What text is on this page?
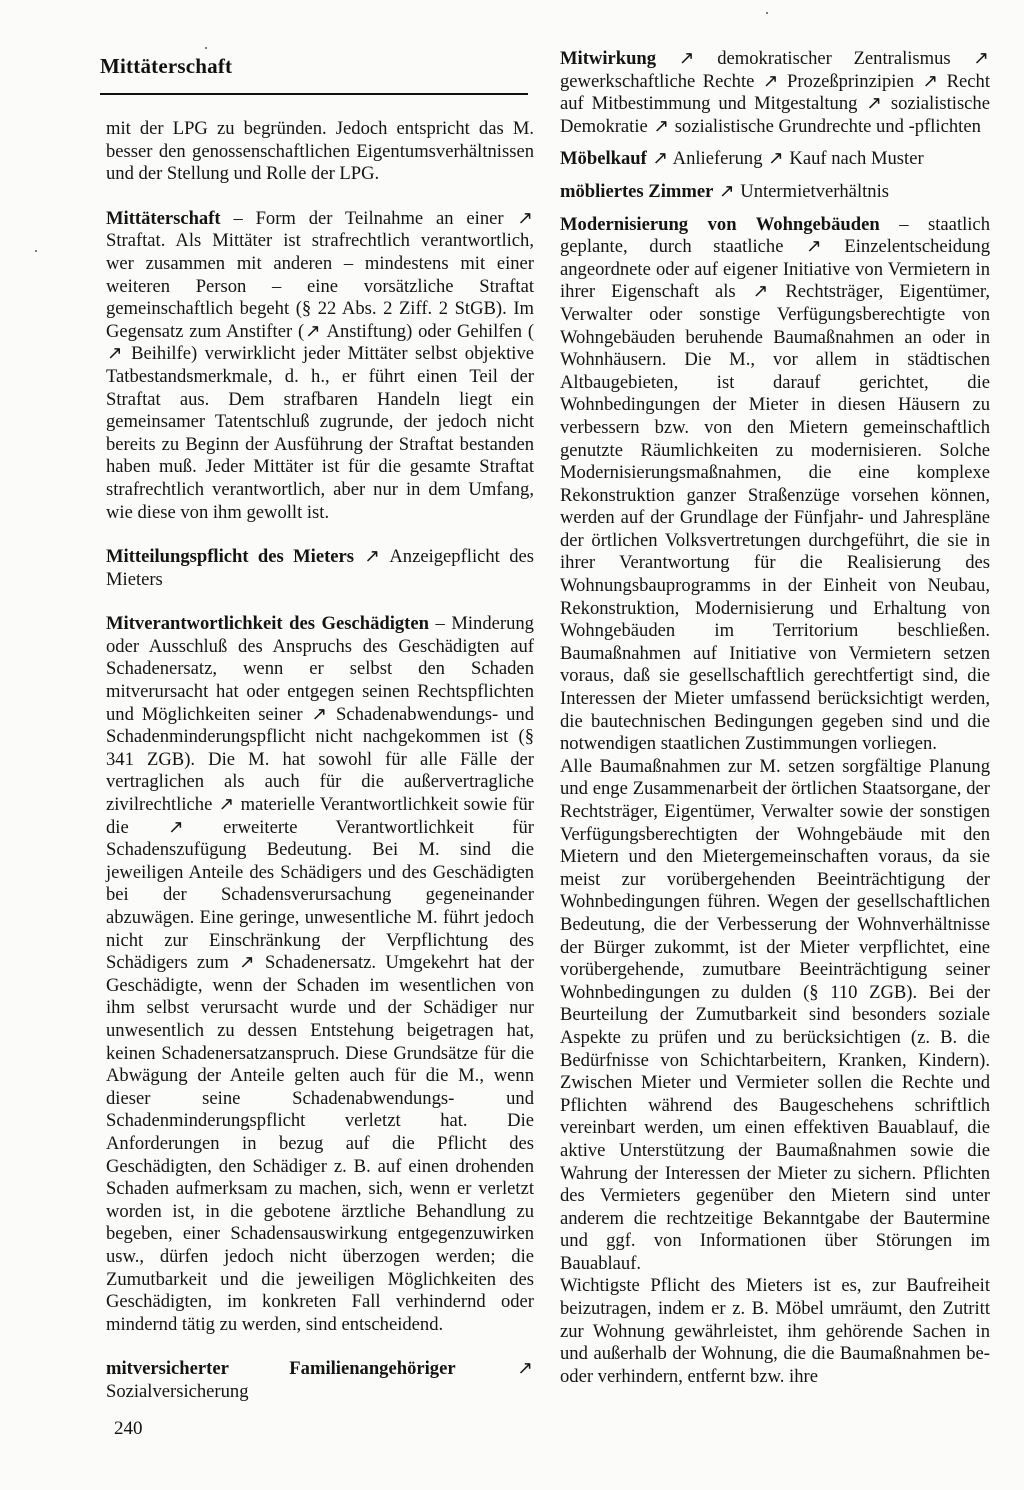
Mittäterschaft

mit der LPG zu begründen. Jedoch entspricht das M. besser den genossenschaftlichen Eigentumsverhältnissen und der Stellung und Rolle der LPG.

Mittäterschaft – Form der Teilnahme an einer ↗ Straftat. Als Mittäter ist strafrechtlich verantwortlich, wer zusammen mit anderen – mindestens mit einer weiteren Person – eine vorsätzliche Straftat gemeinschaftlich begeht (§ 22 Abs. 2 Ziff. 2 StGB). Im Gegensatz zum Anstifter (↗ Anstiftung) oder Gehilfen (↗ Beihilfe) verwirklicht jeder Mittäter selbst objektive Tatbestandsmerkmale, d. h., er führt einen Teil der Straftat aus. Dem strafbaren Handeln liegt ein gemeinsamer Tatentschluß zugrunde, der jedoch nicht bereits zu Beginn der Ausführung der Straftat bestanden haben muß. Jeder Mittäter ist für die gesamte Straftat strafrechtlich verantwortlich, aber nur in dem Umfang, wie diese von ihm gewollt ist.

Mitteilungspflicht des Mieters ↗ Anzeigepflicht des Mieters

Mitverantwortlichkeit des Geschädigten – Minderung oder Ausschluß des Anspruchs des Geschädigten auf Schadenersatz, wenn er selbst den Schaden mitverursacht hat oder entgegen seinen Rechtspflichten und Möglichkeiten seiner ↗ Schadenabwendungs- und Schadenminderungspflicht nicht nachgekommen ist (§ 341 ZGB). Die M. hat sowohl für alle Fälle der vertraglichen als auch für die außervertragliche zivilrechtliche ↗ materielle Verantwortlichkeit sowie für die ↗ erweiterte Verantwortlichkeit für Schadenszufügung Bedeutung. Bei M. sind die jeweiligen Anteile des Schädigers und des Geschädigten bei der Schadensverursachung gegeneinander abzuwägen. Eine geringe, unwesentliche M. führt jedoch nicht zur Einschränkung der Verpflichtung des Schädigers zum ↗ Schadenersatz. Umgekehrt hat der Geschädigte, wenn der Schaden im wesentlichen von ihm selbst verursacht wurde und der Schädiger nur unwesentlich zu dessen Entstehung beigetragen hat, keinen Schadenersatzanspruch. Diese Grundsätze für die Abwägung der Anteile gelten auch für die M., wenn dieser seine Schadenabwendungs- und Schadenminderungspflicht verletzt hat. Die Anforderungen in bezug auf die Pflicht des Geschädigten, den Schädiger z. B. auf einen drohenden Schaden aufmerksam zu machen, sich, wenn er verletzt worden ist, in die gebotene ärztliche Behandlung zu begeben, einer Schadensauswirkung entgegenzuwirken usw., dürfen jedoch nicht überzogen werden; die Zumutbarkeit und die jeweiligen Möglichkeiten des Geschädigten, im konkreten Fall verhindernd oder mindernd tätig zu werden, sind entscheidend.

mitversicherter Familienangehöriger	↗ Sozialversicherung

Mitwirkung ↗ demokratischer Zentralismus ↗ gewerkschaftliche Rechte ↗ Prozeßprinzipien ↗ Recht auf Mitbestimmung und Mitgestaltung ↗ sozialistische Demokratie ↗ sozialistische Grundrechte und -pflichten

Möbelkauf ↗ Anlieferung ↗ Kauf nach Muster

möbliertes Zimmer ↗ Untermietverhältnis

Modernisierung von Wohngebäuden – staatlich geplante, durch staatliche ↗ Einzelentscheidung angeordnete oder auf eigener Initiative von Vermietern in ihrer Eigenschaft als ↗ Rechtsträger, Eigentümer, Verwalter oder sonstige Verfügungsberechtigte von Wohngebäuden beruhende Baumaßnahmen an oder in Wohnhäusern. Die M., vor allem in städtischen Altbaugebieten, ist darauf gerichtet, die Wohnbedingungen der Mieter in diesen Häusern zu verbessern bzw. von den Mietern gemeinschaftlich genutzte Räumlichkeiten zu modernisieren. Solche Modernisierungsmaßnahmen, die eine komplexe Rekonstruktion ganzer Straßenzüge vorsehen können, werden auf der Grundlage der Fünfjahr- und Jahrespläne der örtlichen Volksvertretungen durchgeführt, die sie in ihrer Verantwortung für die Realisierung des Wohnungsbauprogramms in der Einheit von Neubau, Rekonstruktion, Modernisierung und Erhaltung von Wohngebäuden im Territorium beschließen. Baumaßnahmen auf Initiative von Vermietern setzen voraus, daß sie gesellschaftlich gerechtfertigt sind, die Interessen der Mieter umfassend berücksichtigt werden, die bautechnischen Bedingungen gegeben sind und die notwendigen staatlichen Zustimmungen vorliegen.

Alle Baumaßnahmen zur M. setzen sorgfältige Planung und enge Zusammenarbeit der örtlichen Staatsorgane, der Rechtsträger, Eigentümer, Verwalter sowie der sonstigen Verfügungsberechtigten der Wohngebäude mit den Mietern und den Mietergemeinschaften voraus, da sie meist zur vorübergehenden Beeinträchtigung der Wohnbedingungen führen. Wegen der gesellschaftlichen Bedeutung, die der Verbesserung der Wohnverhältnisse der Bürger zukommt, ist der Mieter verpflichtet, eine vorübergehende, zumutbare Beeinträchtigung seiner Wohnbedingungen zu dulden (§ 110 ZGB). Bei der Beurteilung der Zumutbarkeit sind besonders soziale Aspekte zu prüfen und zu berücksichtigen (z. B. die Bedürfnisse von Schichtarbeitern, Kranken, Kindern). Zwischen Mieter und Vermieter sollen die Rechte und Pflichten während des Baugeschehens schriftlich vereinbart werden, um einen effektiven Bauablauf, die aktive Unterstützung der Baumaßnahmen sowie die Wahrung der Interessen der Mieter zu sichern. Pflichten des Vermieters gegenüber den Mietern sind unter anderem die rechtzeitige Bekanntgabe der Bautermine und ggf. von Informationen über Störungen im Bauablauf.

Wichtigste Pflicht des Mieters ist es, zur Baufreiheit beizutragen, indem er z. B. Möbel umräumt, den Zutritt zur Wohnung gewährleistet, ihm gehörende Sachen in und außerhalb der Wohnung, die die Baumaßnahmen be- oder verhindern, entfernt bzw. ihre

240
